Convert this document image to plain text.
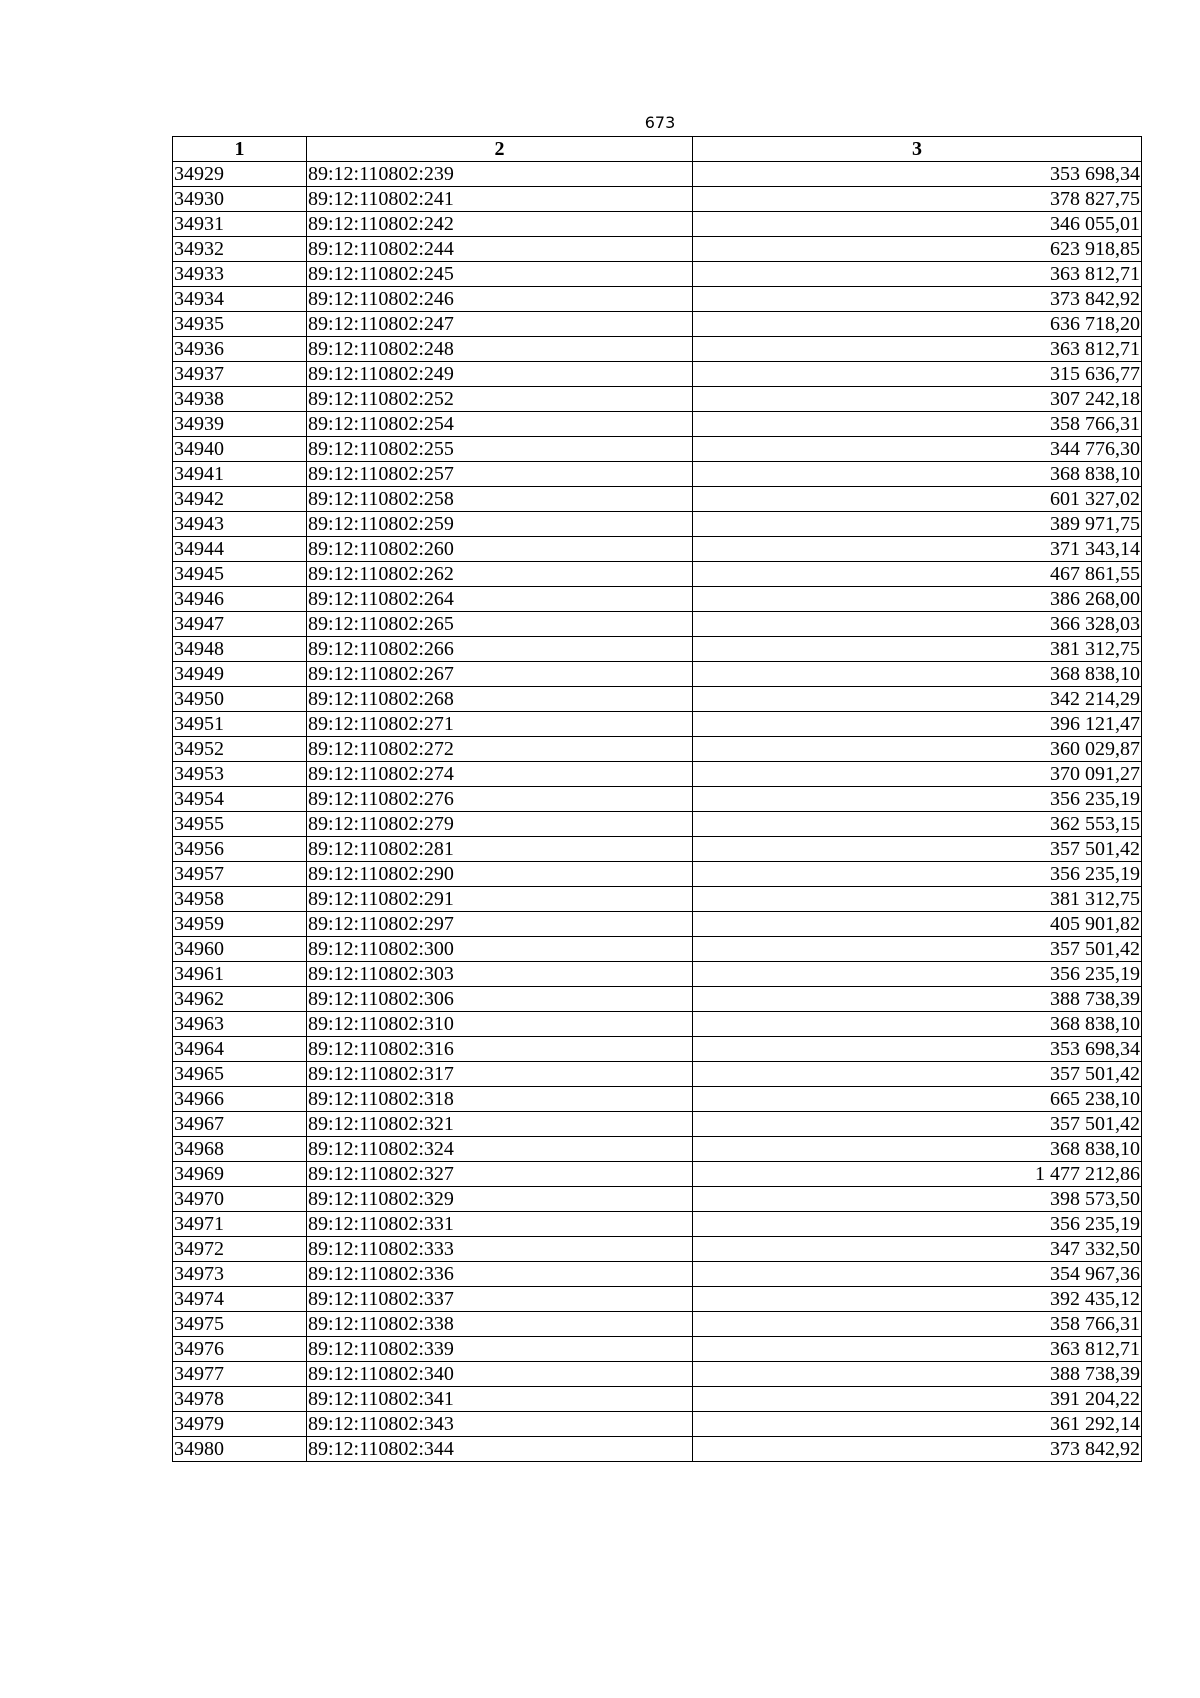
673
1	2	3
34929	89:12:110802:239	353 698,34
34930	89:12:110802:241	378 827,75
34931	89:12:110802:242	346 055,01
34932	89:12:110802:244	623 918,85
34933	89:12:110802:245	363 812,71
34934	89:12:110802:246	373 842,92
34935	89:12:110802:247	636 718,20
34936	89:12:110802:248	363 812,71
34937	89:12:110802:249	315 636,77
34938	89:12:110802:252	307 242,18
34939	89:12:110802:254	358 766,31
34940	89:12:110802:255	344 776,30
34941	89:12:110802:257	368 838,10
34942	89:12:110802:258	601 327,02
34943	89:12:110802:259	389 971,75
34944	89:12:110802:260	371 343,14
34945	89:12:110802:262	467 861,55
34946	89:12:110802:264	386 268,00
34947	89:12:110802:265	366 328,03
34948	89:12:110802:266	381 312,75
34949	89:12:110802:267	368 838,10
34950	89:12:110802:268	342 214,29
34951	89:12:110802:271	396 121,47
34952	89:12:110802:272	360 029,87
34953	89:12:110802:274	370 091,27
34954	89:12:110802:276	356 235,19
34955	89:12:110802:279	362 553,15
34956	89:12:110802:281	357 501,42
34957	89:12:110802:290	356 235,19
34958	89:12:110802:291	381 312,75
34959	89:12:110802:297	405 901,82
34960	89:12:110802:300	357 501,42
34961	89:12:110802:303	356 235,19
34962	89:12:110802:306	388 738,39
34963	89:12:110802:310	368 838,10
34964	89:12:110802:316	353 698,34
34965	89:12:110802:317	357 501,42
34966	89:12:110802:318	665 238,10
34967	89:12:110802:321	357 501,42
34968	89:12:110802:324	368 838,10
34969	89:12:110802:327	1 477 212,86
34970	89:12:110802:329	398 573,50
34971	89:12:110802:331	356 235,19
34972	89:12:110802:333	347 332,50
34973	89:12:110802:336	354 967,36
34974	89:12:110802:337	392 435,12
34975	89:12:110802:338	358 766,31
34976	89:12:110802:339	363 812,71
34977	89:12:110802:340	388 738,39
34978	89:12:110802:341	391 204,22
34979	89:12:110802:343	361 292,14
34980	89:12:110802:344	373 842,92
